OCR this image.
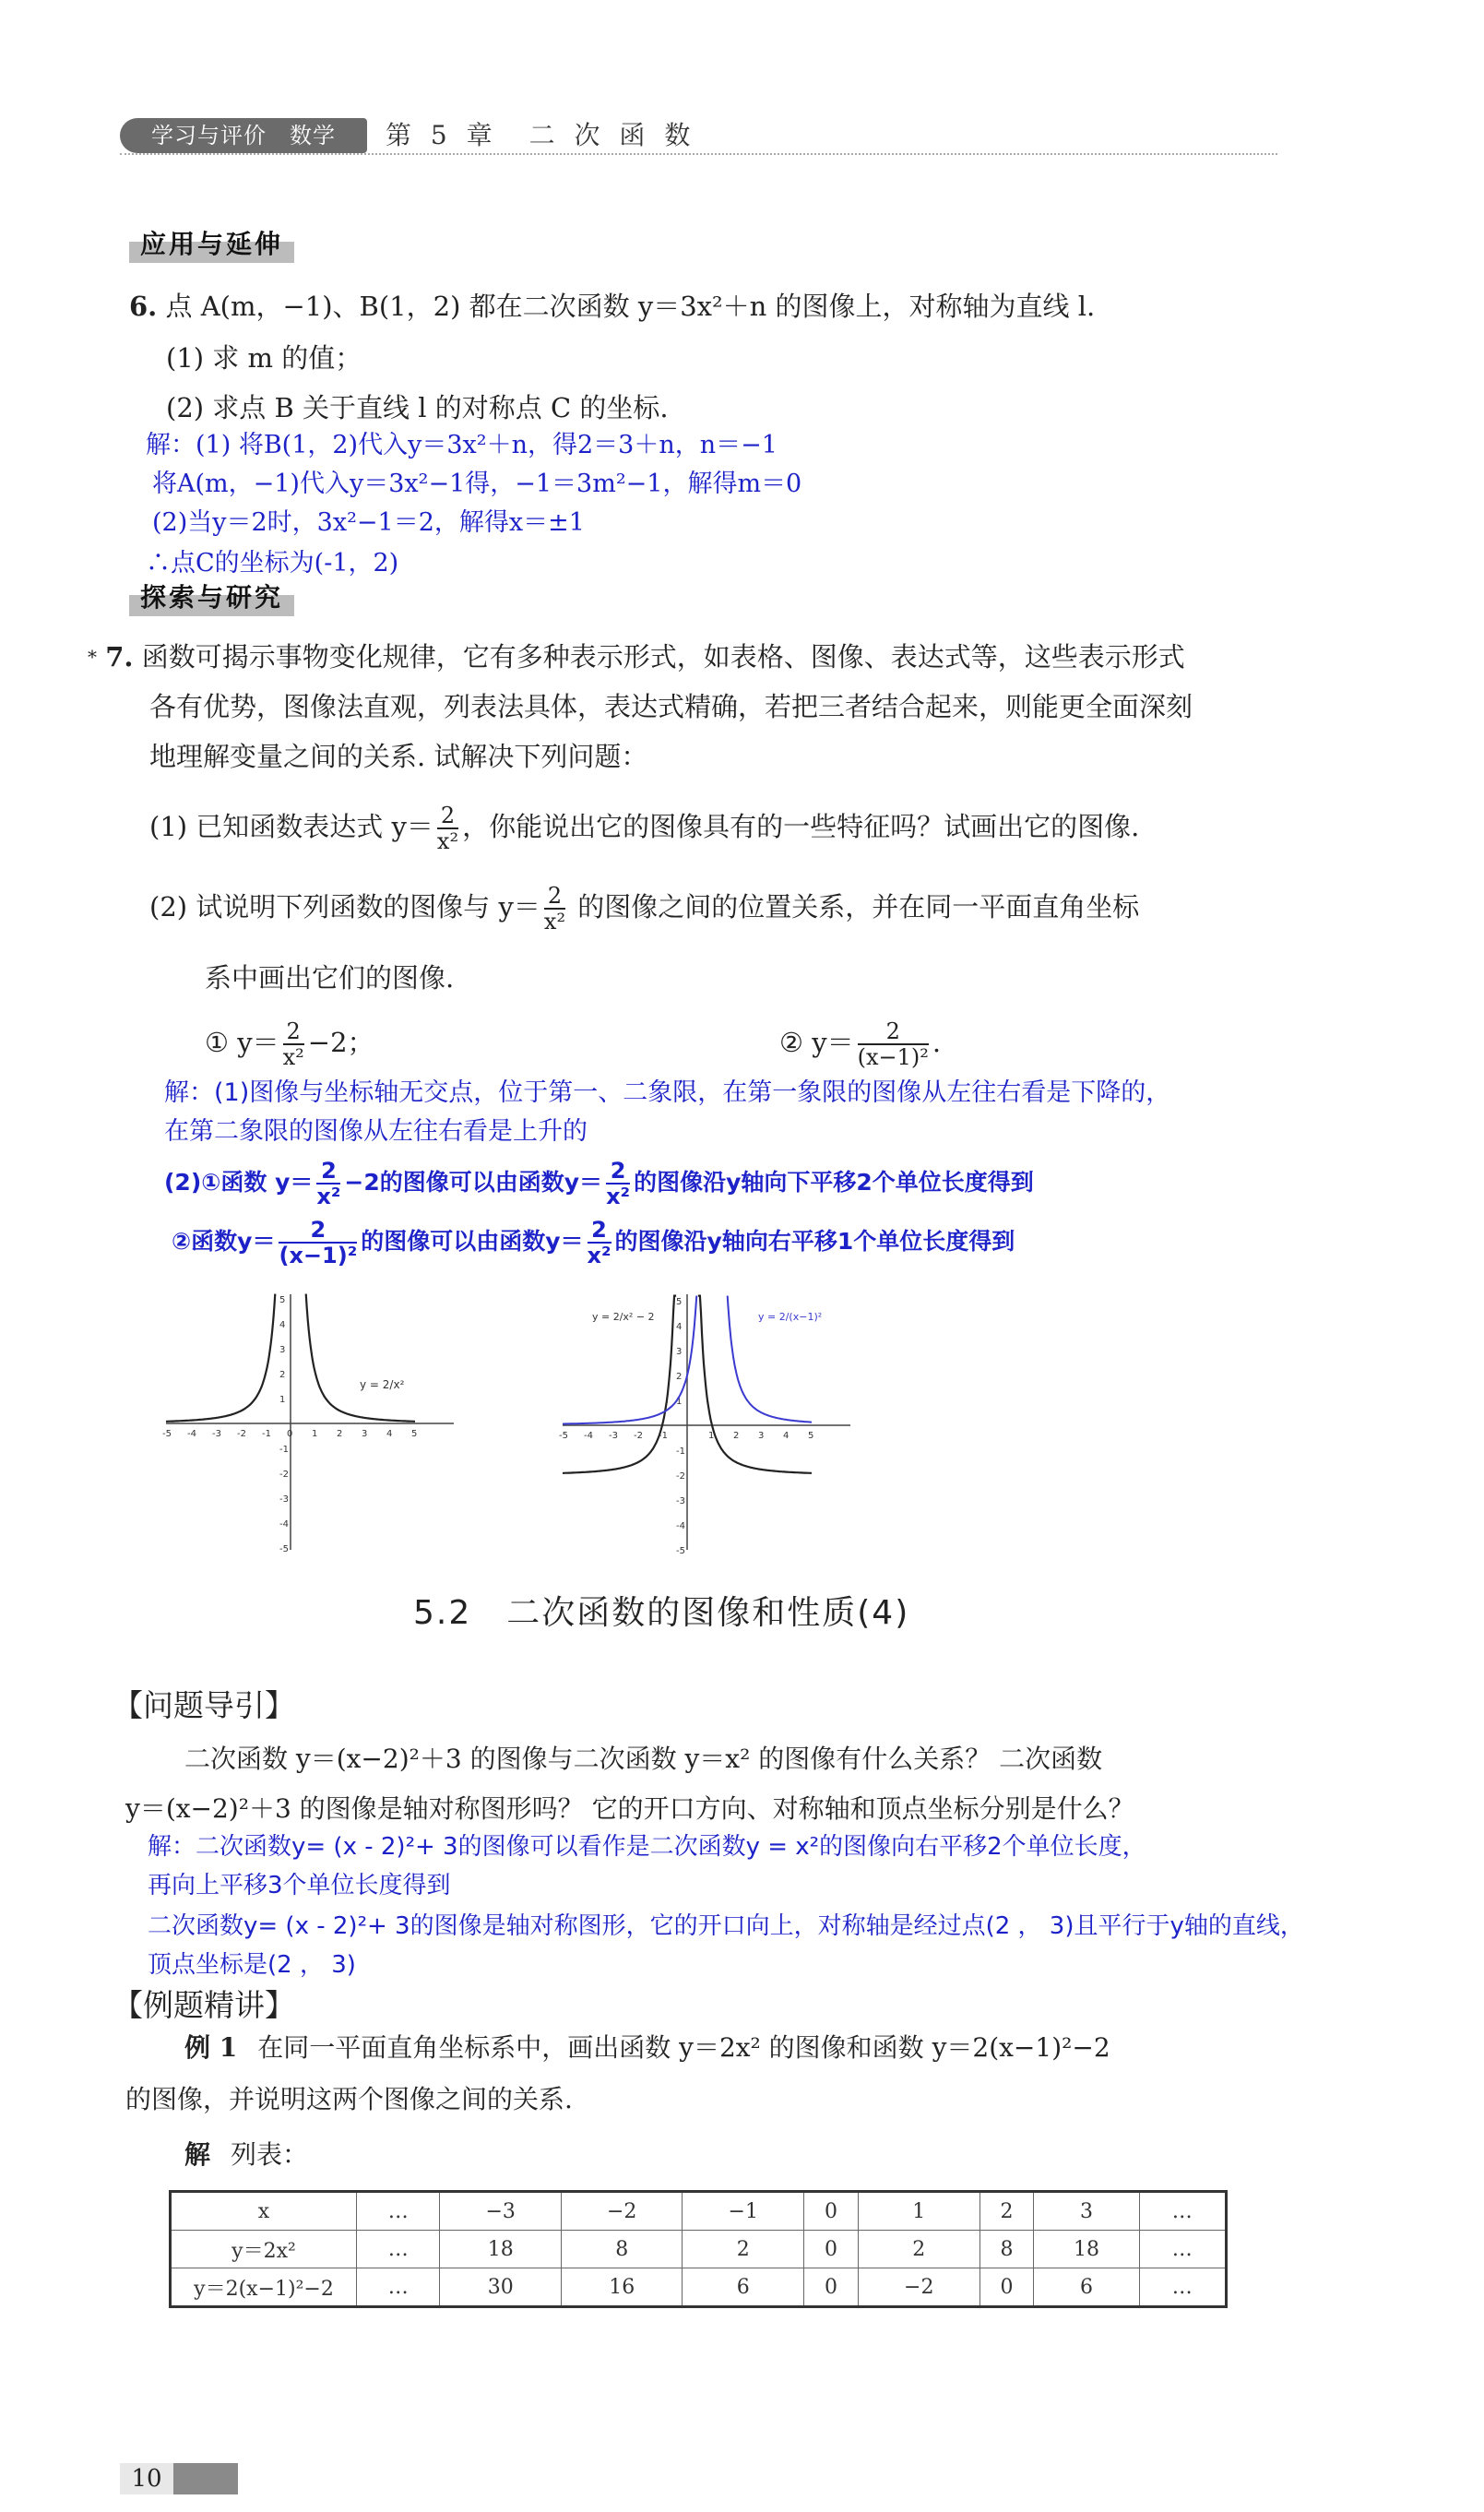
学习与评价　数学	第 5 章　二 次 函 数
应用与延伸
6. 点 A(m，−1)、B(1，2) 都在二次函数 y＝3x²＋n 的图像上，对称轴为直线 l.
(1) 求 m 的值；
(2) 求点 B 关于直线 l 的对称点 C 的坐标.
解：(1) 将B(1，2)代入y＝3x²＋n，得2＝3＋n，n＝−1
将A(m，−1)代入y＝3x²−1得，−1＝3m²−1，解得m＝0
(2)当y＝2时，3x²−1＝2，解得x＝±1
∴点C的坐标为(-1，2)
探索与研究
* 7. 函数可揭示事物变化规律，它有多种表示形式，如表格、图像、表达式等，这些表示形式
各有优势，图像法直观，列表法具体，表达式精确，若把三者结合起来，则能更全面深刻
地理解变量之间的关系. 试解决下列问题：
(1) 已知函数表达式 $y= \frac{2}{\text{x²}}$ ，你能说出它的图像具有的一些特征吗？试画出它的图像.
(2) 试说明下列函数的图像与 $y= \frac{2}{\text{x²}}$ 的图像之间的位置关系，并在同一平面直角坐标
系中画出它们的图像.
① $y= \frac{2}{\text{x²}} -2$；	② $y= \frac{2}{\text{(x−1)²}}$ .
解：(1)图像与坐标轴无交点，位于第一、二象限，在第一象限的图像从左往右看是下降的，
在第二象限的图像从左往右看是上升的
(2)①函数 $y= \frac{2}{\text{x²}} -2$的图像可以由函数$y= \frac{2}{\text{x²}}$ 的图像沿y轴向下平移2个单位长度得到
②函数$y= \frac{2}{\text{(x−1)²}}$ 的图像可以由函数$y= \frac{2}{\text{x²}}$ 的图像沿y轴向右平移1个单位长度得到
-5 -4 -3 -2 -1 0 1 2 3 4 5
5
4
3
2
1
-1
-2
-3
-4
-5
y = 2/x²
-5 -4 -3 -2 -1	1 2 3 4 5
5
4
3
2
1
-1
-2
-3
-4
-5
y = 2/x² − 2	y = 2/(x−1)²
5.2　二次函数的图像和性质(4)
【问题导引】
二次函数 y＝(x−2)²＋3 的图像与二次函数 y＝x² 的图像有什么关系？ 二次函数
y＝(x−2)²＋3 的图像是轴对称图形吗？ 它的开口方向、对称轴和顶点坐标分别是什么？
解：二次函数y= (x - 2)²+ 3的图像可以看作是二次函数y = x²的图像向右平移2个单位长度，
再向上平移3个单位长度得到
二次函数y= (x - 2)²+ 3的图像是轴对称图形，它的开口向上，对称轴是经过点(2 ， 3)且平行于y轴的直线，
顶点坐标是(2 ， 3)
【例题精讲】
例 1 在同一平面直角坐标系中，画出函数 y＝2x² 的图像和函数 y＝2(x−1)²−2
的图像，并说明这两个图像之间的关系.
解 列表：
x	…	−3	−2	−1	0	1	2	3	…
y＝2x²	…	18	8	2	0	2	8	18	…
y＝2(x−1)²−2	…	30	16	6	0	−2	0	6	…
10
